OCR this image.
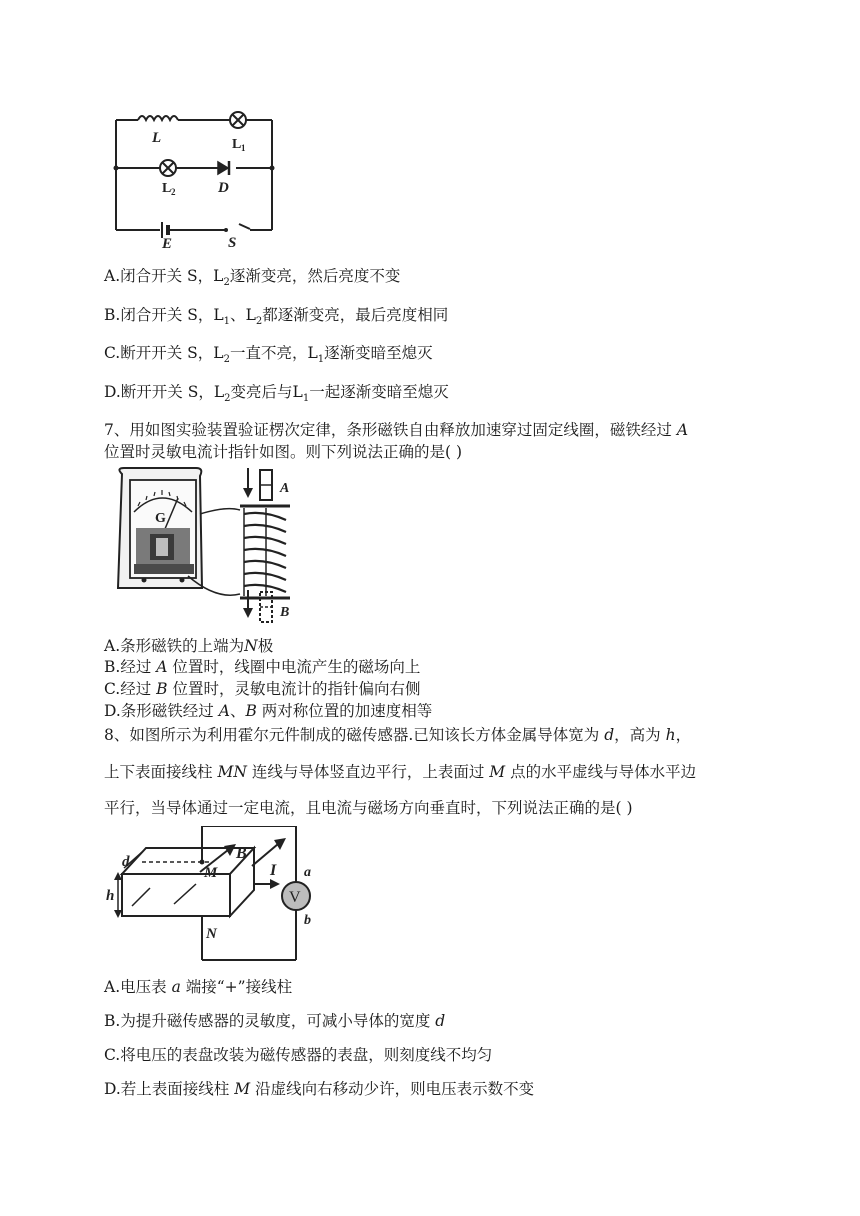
L
D
E	S
L 1
L 2
A.闭合开关 S，$L_2$逐渐变亮，然后亮度不变
B.闭合开关 S，$L_1$、$L_2$都逐渐变亮，最后亮度相同
C.断开开关 S，$L_2$一直不亮，$L_1$逐渐变暗至熄灭
D.断开开关 S，$L_2$变亮后与$L_1$一起逐渐变暗至熄灭
7、用如图实验装置验证楞次定律，条形磁铁自由释放加速穿过固定线圈，磁铁经过 A
位置时灵敏电流计指针如图。则下列说法正确的是( )
G
A
B
A.条形磁铁的上端为N极
B.经过 A 位置时，线圈中电流产生的磁场向上
C.经过 B 位置时，灵敏电流计的指针偏向右侧
D.条形磁铁经过 A、B 两对称位置的加速度相等
8、如图所示为利用霍尔元件制成的磁传感器.已知该长方体金属导体宽为 d，高为 h，
上下表面接线柱 MN 连线与导体竖直边平行，上表面过 M 点的水平虚线与导体水平边
平行，当导体通过一定电流，且电流与磁场方向垂直时，下列说法正确的是( )
V
d
h
M
B
I a
b
N
A.电压表 a 端接“+”接线柱
B.为提升磁传感器的灵敏度，可减小导体的宽度 d
C.将电压的表盘改装为磁传感器的表盘，则刻度线不均匀
D.若上表面接线柱 M 沿虚线向右移动少许，则电压表示数不变
